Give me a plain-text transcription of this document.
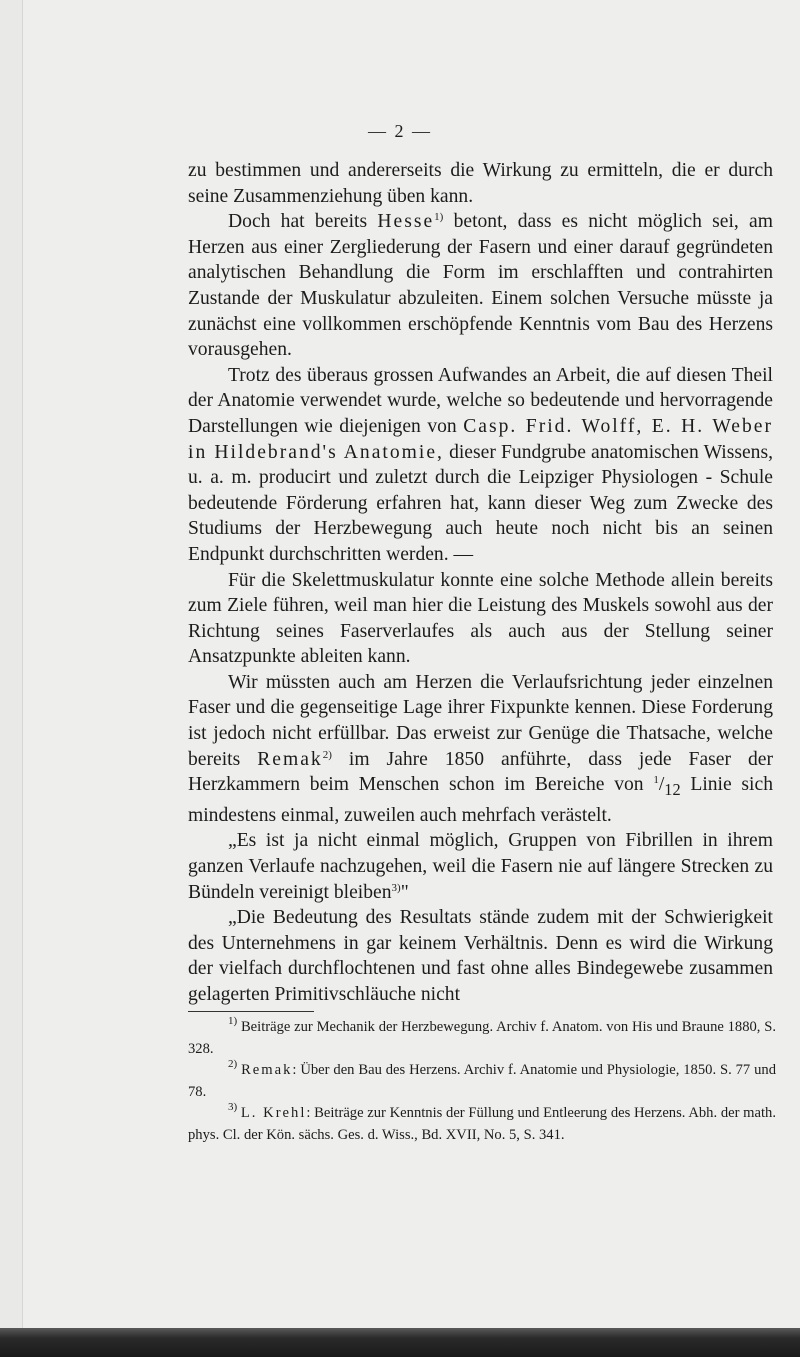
— 2 —

zu bestimmen und andererseits die Wirkung zu ermitteln, die er durch seine Zusammenziehung üben kann.

Doch hat bereits Hesse$^{1)}$ betont, dass es nicht möglich sei, am Herzen aus einer Zergliederung der Fasern und einer darauf gegründeten analytischen Behandlung die Form im erschlafften und contrahirten Zustande der Muskulatur abzuleiten. Einem solchen Versuche müsste ja zunächst eine vollkommen erschöpfende Kenntnis vom Bau des Herzens vorausgehen.

Trotz des überaus grossen Aufwandes an Arbeit, die auf diesen Theil der Anatomie verwendet wurde, welche so bedeutende und hervorragende Darstellungen wie diejenigen von Casp. Frid. Wolff, E. H. Weber in Hildebrand's Anatomie, dieser Fundgrube anatomischen Wissens, u. a. m. producirt und zuletzt durch die Leipziger Physiologen - Schule bedeutende Förderung erfahren hat, kann dieser Weg zum Zwecke des Studiums der Herzbewegung auch heute noch nicht bis an seinen Endpunkt durchschritten werden. —

Für die Skelettmuskulatur konnte eine solche Methode allein bereits zum Ziele führen, weil man hier die Leistung des Muskels sowohl aus der Richtung seines Faserverlaufes als auch aus der Stellung seiner Ansatzpunkte ableiten kann.

Wir müssten auch am Herzen die Verlaufsrichtung jeder einzelnen Faser und die gegenseitige Lage ihrer Fixpunkte kennen. Diese Forderung ist jedoch nicht erfüllbar. Das erweist zur Genüge die Thatsache, welche bereits Remak$^{2)}$ im Jahre 1850 anführte, dass jede Faser der Herzkammern beim Menschen schon im Bereiche von $^1/_{12}$ Linie sich mindestens einmal, zuweilen auch mehrfach verästelt.

„Es ist ja nicht einmal möglich, Gruppen von Fibrillen in ihrem ganzen Verlaufe nachzugehen, weil die Fasern nie auf längere Strecken zu Bündeln vereinigt bleiben$^{3)}$"

„Die Bedeutung des Resultats stände zudem mit der Schwierigkeit des Unternehmens in gar keinem Verhältnis. Denn es wird die Wirkung der vielfach durchflochtenen und fast ohne alles Bindegewebe zusammen gelagerten Primitivschläuche nicht

$^{1)}$ Beiträge zur Mechanik der Herzbewegung. Archiv f. Anatom. von His und Braune 1880, S. 328.

$^{2)}$ Remak: Über den Bau des Herzens. Archiv f. Anatomie und Physiologie, 1850. S. 77 und 78.

$^{3)}$ L. Krehl: Beiträge zur Kenntnis der Füllung und Entleerung des Herzens. Abh. der math. phys. Cl. der Kön. sächs. Ges. d. Wiss., Bd. XVII, No. 5, S. 341.
